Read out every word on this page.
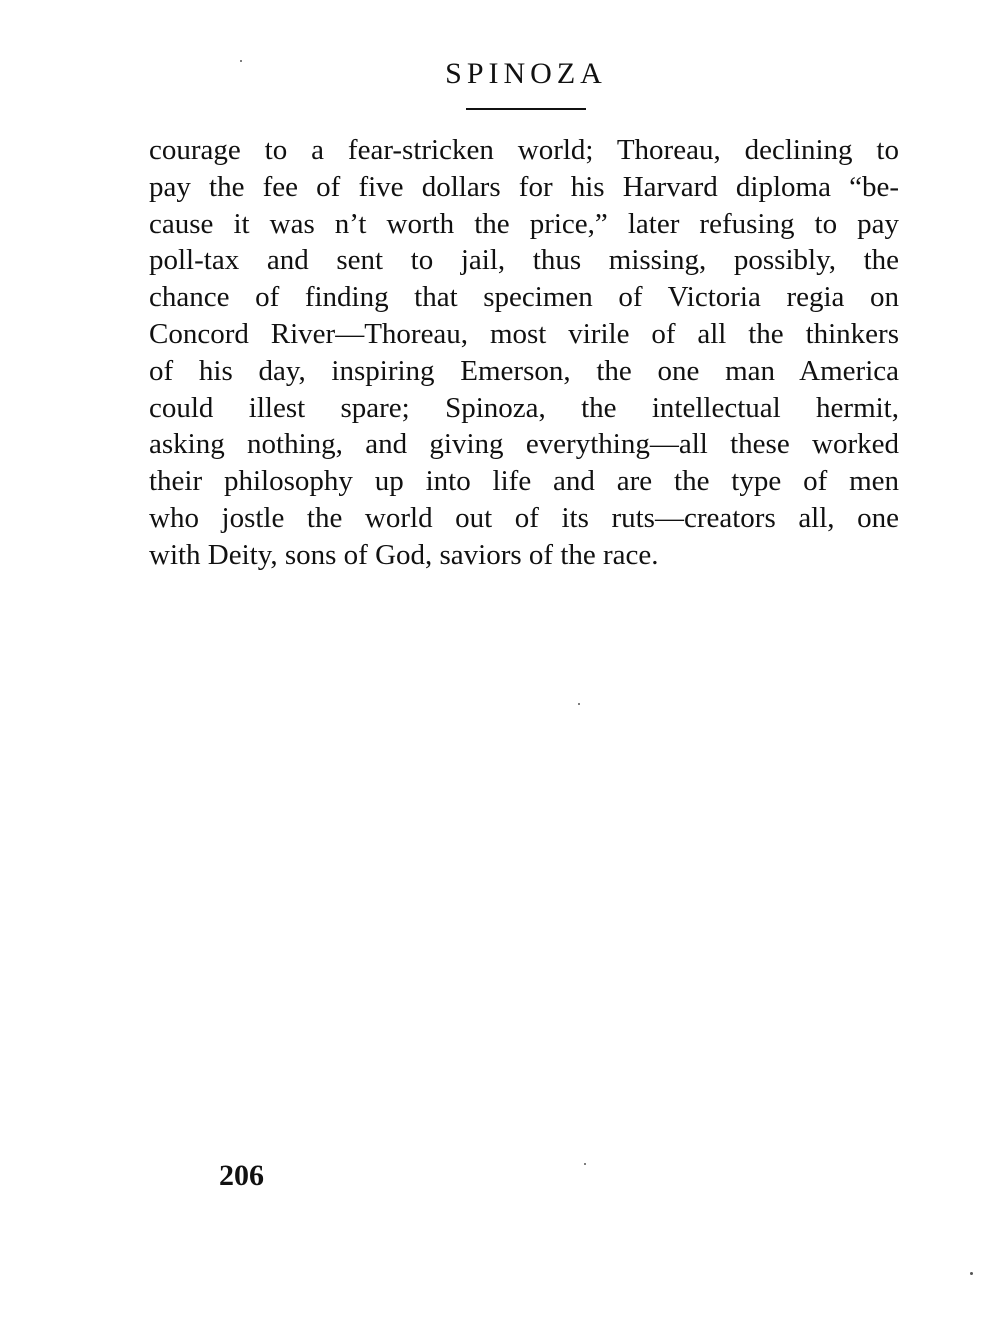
SPINOZA
courage to a fear-stricken world; Thoreau, declining to
pay the fee of five dollars for his Harvard diploma “be-
cause it was n’t worth the price,” later refusing to pay
poll-tax and sent to jail, thus missing, possibly, the
chance of finding that specimen of Victoria regia on
Concord River—Thoreau, most virile of all the thinkers
of his day, inspiring Emerson, the one man America
could illest spare; Spinoza, the intellectual hermit,
asking nothing, and giving everything—all these worked
their philosophy up into life and are the type of men
who jostle the world out of its ruts—creators all, one
with Deity, sons of God, saviors of the race.
206
